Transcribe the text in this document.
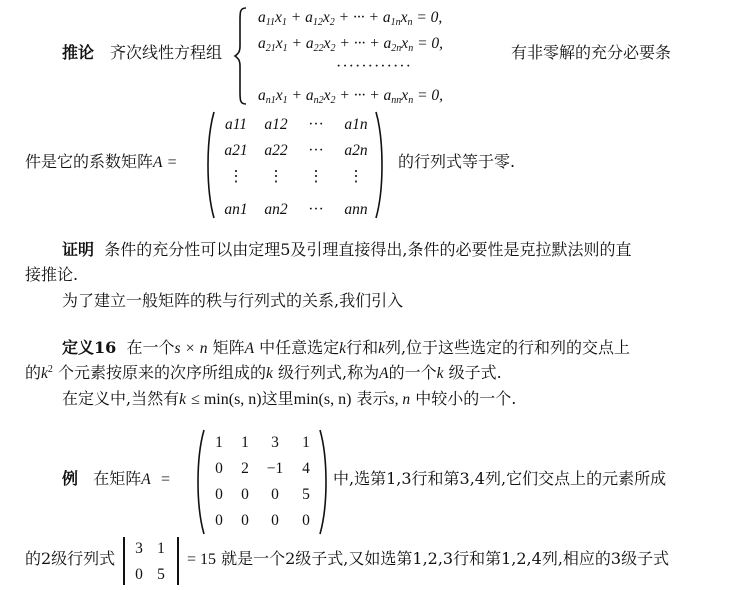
推论 齐次线性方程组
$a_{11}x_1 + a_{12}x_2$ + ··· + $a_{1n}x_n = 0$,
$a_{21}x_1 + a_{22}x_2$ + ··· + $a_{2n}x_n = 0$,
············
$a_{n1}x_1 + a_{n2}x_2$ + ··· + $a_{nn}x_n = 0$,
有非零解的充分必要条
件是它的系数矩阵A =
a11	a12	···	a1n
a21	a22	···	a2n
⋮	⋮	⋮	⋮
an1	an2	···	ann
的行列式等于零.
证明 条件的充分性可以由定理5及引理直接得出,条件的必要性是克拉默法则的直
接推论.
为了建立一般矩阵的秩与行列式的关系,我们引入
定义16 在一个s × n 矩阵A 中任意选定k行和k列,位于这些选定的行和列的交点上
的$k^2$ 个元素按原来的次序所组成的k 级行列式,称为A的一个k 级子式.
在定义中,当然有k ≤ min(s, n)这里min(s, n) 表示s, n 中较小的一个.
例 在矩阵A =
1	1	3	1
0	2	−1	4
0	0	0	5
0	0	0	0
中,选第1,3行和第3,4列,它们交点上的元素所成
的2级行列式
3 1
0 5
= 15 就是一个2级子式,又如选第1,2,3行和第1,2,4列,相应的3级子式
